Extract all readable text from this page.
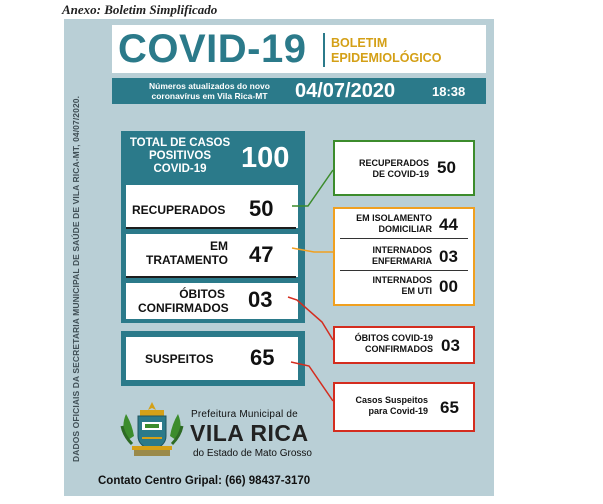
Anexo: Boletim Simplificado
DADOS OFICIAIS DA SECRETARIA MUNICIPAL DE SAÚDE DE VILA RICA-MT, 04/07/2020.
COVID-19 BOLETIM
EPIDEMIOLÓGICO
Números atualizados do novo
coronavírus em Vila Rica-MT	04/07/2020	18:38
TOTAL DE CASOS
POSITIVOS
COVID-19	100
RECUPERADOS 50
EM
TRATAMENTO 47
ÓBITOS
CONFIRMADOS 03
SUSPEITOS 65
RECUPERADOS
DE COVID-19 50
EM ISOLAMENTO
DOMICILIAR 44
INTERNADOS
ENFERMARIA 03
INTERNADOS
EM UTI 00
ÓBITOS COVID-19
CONFIRMADOS 03
Casos Suspeitos
para Covid-19 65
Prefeitura Municipal de
VILA RICA
do Estado de Mato Grosso
Contato Centro Gripal: (66) 98437-3170
